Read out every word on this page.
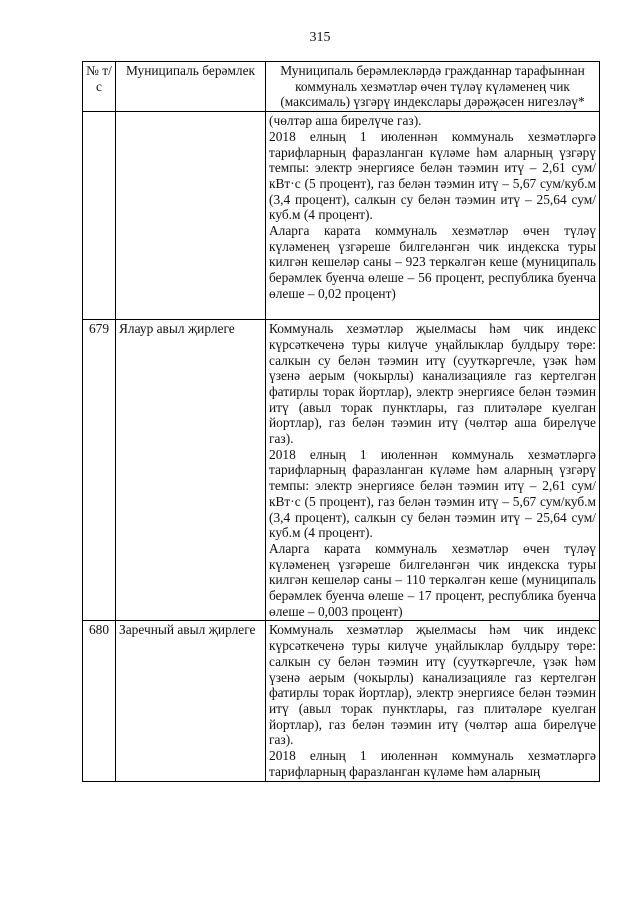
315
№ т/с	Муниципаль берәмлек	Муниципаль берәмлекләрдә гражданнар тарафыннан коммуналь хезмәтләр өчен түләү күләменең чик (максималь) үзгәрү индекслары дәрәҗәсен нигезләү*

		(чөлтәр аша бирелүче газ).

2018 елның 1 июленнән коммуналь хезмәтләргә тарифларның фаразланган күләме һәм аларның үзгәрү темпы: электр энергиясе белән тәэмин итү – 2,61 сум/кВт·с (5 процент), газ белән тәэмин итү – 5,67 сум/куб.м (3,4 процент), салкын су белән тәэмин итү – 25,64 сум/куб.м (4 процент).

Аларга карата коммуналь хезмәтләр өчен түләү күләменең үзгәреше билгеләнгән чик индекска туры килгән кешеләр саны – 923 теркәлгән кеше (муниципаль берәмлек буенча өлеше – 56 процент, республика буенча өлеше – 0,02 процент)

679	Ялаур авыл җирлеге	Коммуналь хезмәтләр җыелмасы һәм чик индекс күрсәткеченә туры килүче уңайлыклар булдыру төре: салкын су белән тәэмин итү (сууткәргечле, үзәк һәм үзенә аерым (чокырлы) канализацияле газ кертелгән фатирлы торак йортлар), электр энергиясе белән тәэмин итү (авыл торак пунктлары, газ плитәләре куелган йортлар), газ белән тәэмин итү (чөлтәр аша бирелүче газ).

2018 елның 1 июленнән коммуналь хезмәтләргә тарифларның фаразланган күләме һәм аларның үзгәрү темпы: электр энергиясе белән тәэмин итү – 2,61 сум/кВт·с (5 процент), газ белән тәэмин итү – 5,67 сум/куб.м (3,4 процент), салкын су белән тәэмин итү – 25,64 сум/куб.м (4 процент).

Аларга карата коммуналь хезмәтләр өчен түләү күләменең үзгәреше билгеләнгән чик индекска туры килгән кешеләр саны – 110 теркәлгән кеше (муниципаль берәмлек буенча өлеше – 17 процент, республика буенча өлеше – 0,003 процент)

680	Заречный авыл җирлеге	Коммуналь хезмәтләр җыелмасы һәм чик индекс күрсәткеченә туры килүче уңайлыклар булдыру төре: салкын су белән тәэмин итү (сууткәргечле, үзәк һәм үзенә аерым (чокырлы) канализацияле газ кертелгән фатирлы торак йортлар), электр энергиясе белән тәэмин итү (авыл торак пунктлары, газ плитәләре куелган йортлар), газ белән тәэмин итү (чөлтәр аша бирелүче газ).

2018 елның 1 июленнән коммуналь хезмәтләргә тарифларның фаразланган күләме һәм аларның
